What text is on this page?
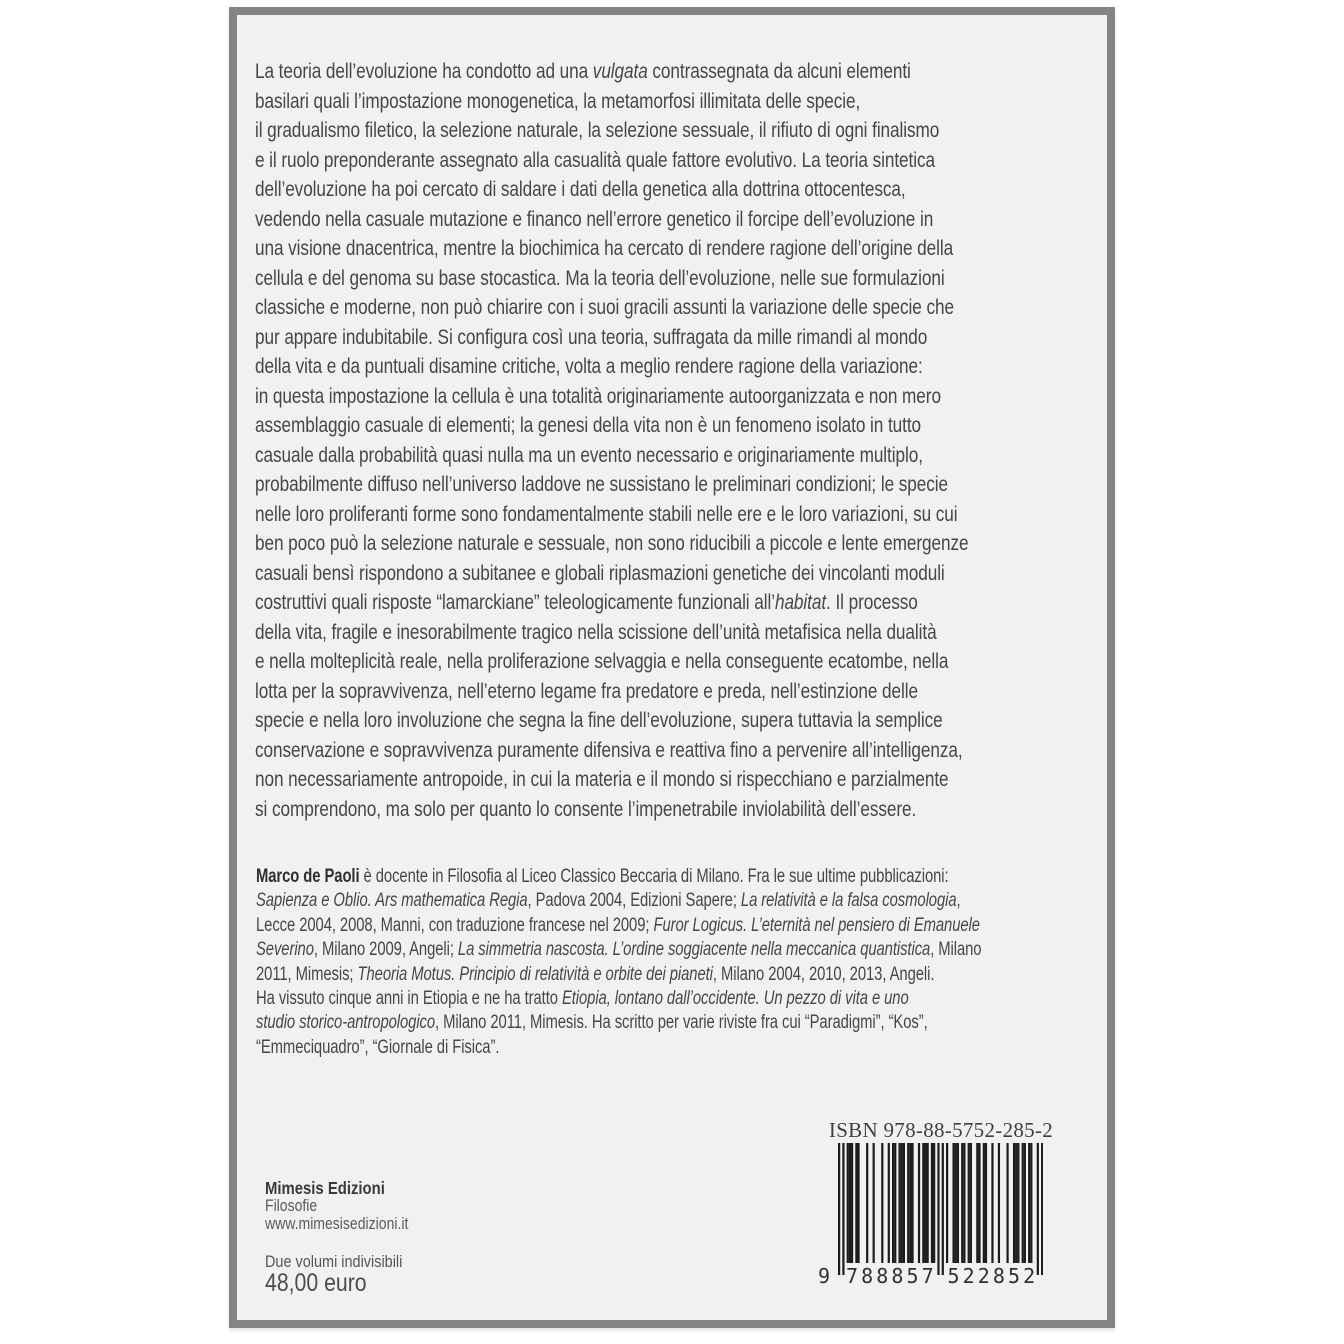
La teoria dell’evoluzione ha condotto ad una vulgata contrassegnata da alcuni elementi
basilari quali l’impostazione monogenetica, la metamorfosi illimitata delle specie,
il gradualismo filetico, la selezione naturale, la selezione sessuale, il rifiuto di ogni finalismo
e il ruolo preponderante assegnato alla casualità quale fattore evolutivo. La teoria sintetica
dell’evoluzione ha poi cercato di saldare i dati della genetica alla dottrina ottocentesca,
vedendo nella casuale mutazione e financo nell’errore genetico il forcipe dell’evoluzione in
una visione dnacentrica, mentre la biochimica ha cercato di rendere ragione dell’origine della
cellula e del genoma su base stocastica. Ma la teoria dell’evoluzione, nelle sue formulazioni
classiche e moderne, non può chiarire con i suoi gracili assunti la variazione delle specie che
pur appare indubitabile. Si configura così una teoria, suffragata da mille rimandi al mondo
della vita e da puntuali disamine critiche, volta a meglio rendere ragione della variazione:
in questa impostazione la cellula è una totalità originariamente autoorganizzata e non mero
assemblaggio casuale di elementi; la genesi della vita non è un fenomeno isolato in tutto
casuale dalla probabilità quasi nulla ma un evento necessario e originariamente multiplo,
probabilmente diffuso nell’universo laddove ne sussistano le preliminari condizioni; le specie
nelle loro proliferanti forme sono fondamentalmente stabili nelle ere e le loro variazioni, su cui
ben poco può la selezione naturale e sessuale, non sono riducibili a piccole e lente emergenze
casuali bensì rispondono a subitanee e globali riplasmazioni genetiche dei vincolanti moduli
costruttivi quali risposte “lamarckiane” teleologicamente funzionali all’habitat. Il processo
della vita, fragile e inesorabilmente tragico nella scissione dell’unità metafisica nella dualità
e nella molteplicità reale, nella proliferazione selvaggia e nella conseguente ecatombe, nella
lotta per la sopravvivenza, nell’eterno legame fra predatore e preda, nell’estinzione delle
specie e nella loro involuzione che segna la fine dell’evoluzione, supera tuttavia la semplice
conservazione e sopravvivenza puramente difensiva e reattiva fino a pervenire all’intelligenza,
non necessariamente antropoide, in cui la materia e il mondo si rispecchiano e parzialmente
si comprendono, ma solo per quanto lo consente l’impenetrabile inviolabilità dell’essere.
Marco de Paoli è docente in Filosofia al Liceo Classico Beccaria di Milano. Fra le sue ultime pubblicazioni:
Sapienza e Oblio. Ars mathematica Regia, Padova 2004, Edizioni Sapere; La relatività e la falsa cosmologia,
Lecce 2004, 2008, Manni, con traduzione francese nel 2009; Furor Logicus. L’eternità nel pensiero di Emanuele
Severino, Milano 2009, Angeli; La simmetria nascosta. L’ordine soggiacente nella meccanica quantistica, Milano
2011, Mimesis; Theoria Motus. Principio di relatività e orbite dei pianeti, Milano 2004, 2010, 2013, Angeli.
Ha vissuto cinque anni in Etiopia e ne ha tratto Etiopia, lontano dall’occidente. Un pezzo di vita e uno
studio storico-antropologico, Milano 2011, Mimesis. Ha scritto per varie riviste fra cui “Paradigmi”, “Kos”,
“Emmeciquadro”, “Giornale di Fisica”.
Mimesis Edizioni
Filosofie
www.mimesisedizioni.it
Due volumi indivisibili
48,00 euro
ISBN 978-88-5752-285-2
9 7 8 8 8 5 7 5 2 2 8 5 2
